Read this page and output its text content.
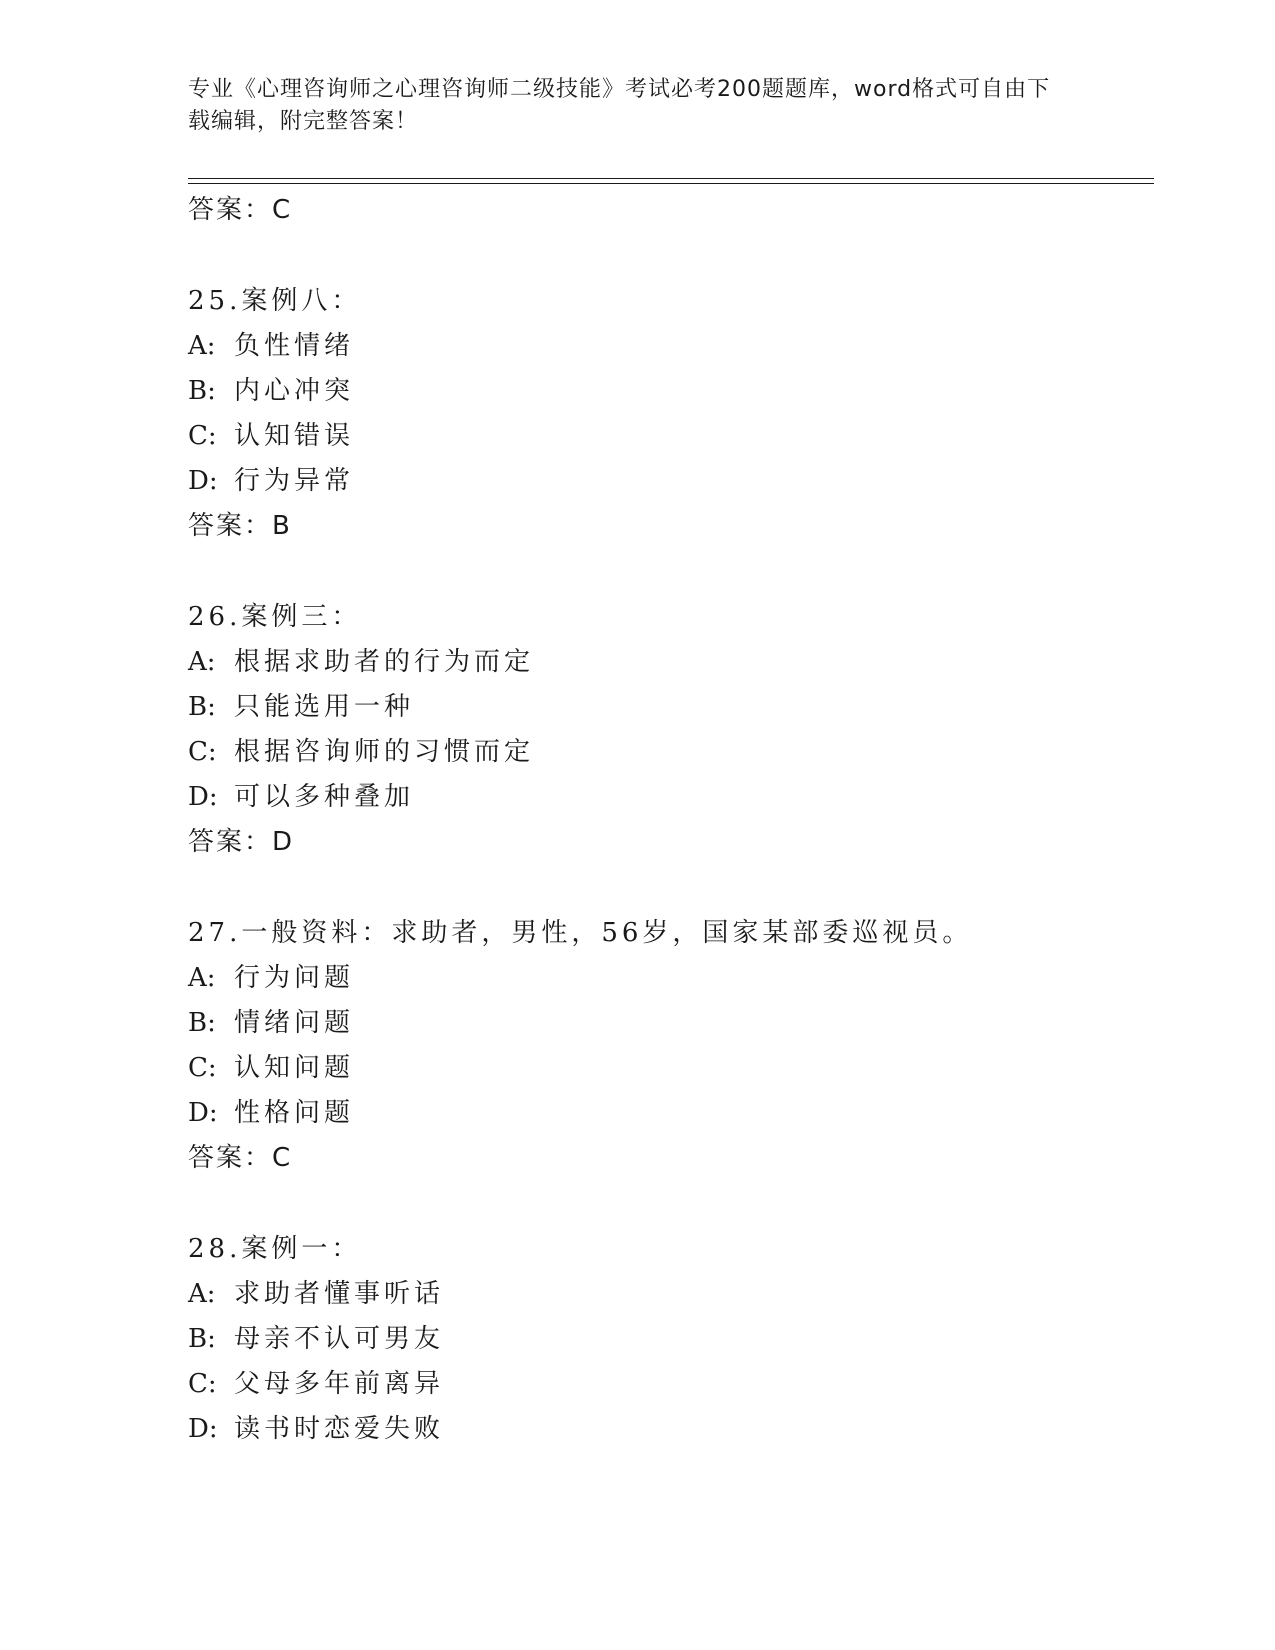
专业《心理咨询师之心理咨询师二级技能》考试必考200题题库，word格式可自由下载编辑，附完整答案！
答案：C
25.案例八：
A: 负性情绪
B: 内心冲突
C: 认知错误
D: 行为异常
答案：B
26.案例三：
A: 根据求助者的行为而定
B: 只能选用一种
C: 根据咨询师的习惯而定
D: 可以多种叠加
答案：D
27.一般资料：求助者，男性，56岁，国家某部委巡视员。
A: 行为问题
B: 情绪问题
C: 认知问题
D: 性格问题
答案：C
28.案例一：
A: 求助者懂事听话
B: 母亲不认可男友
C: 父母多年前离异
D: 读书时恋爱失败
